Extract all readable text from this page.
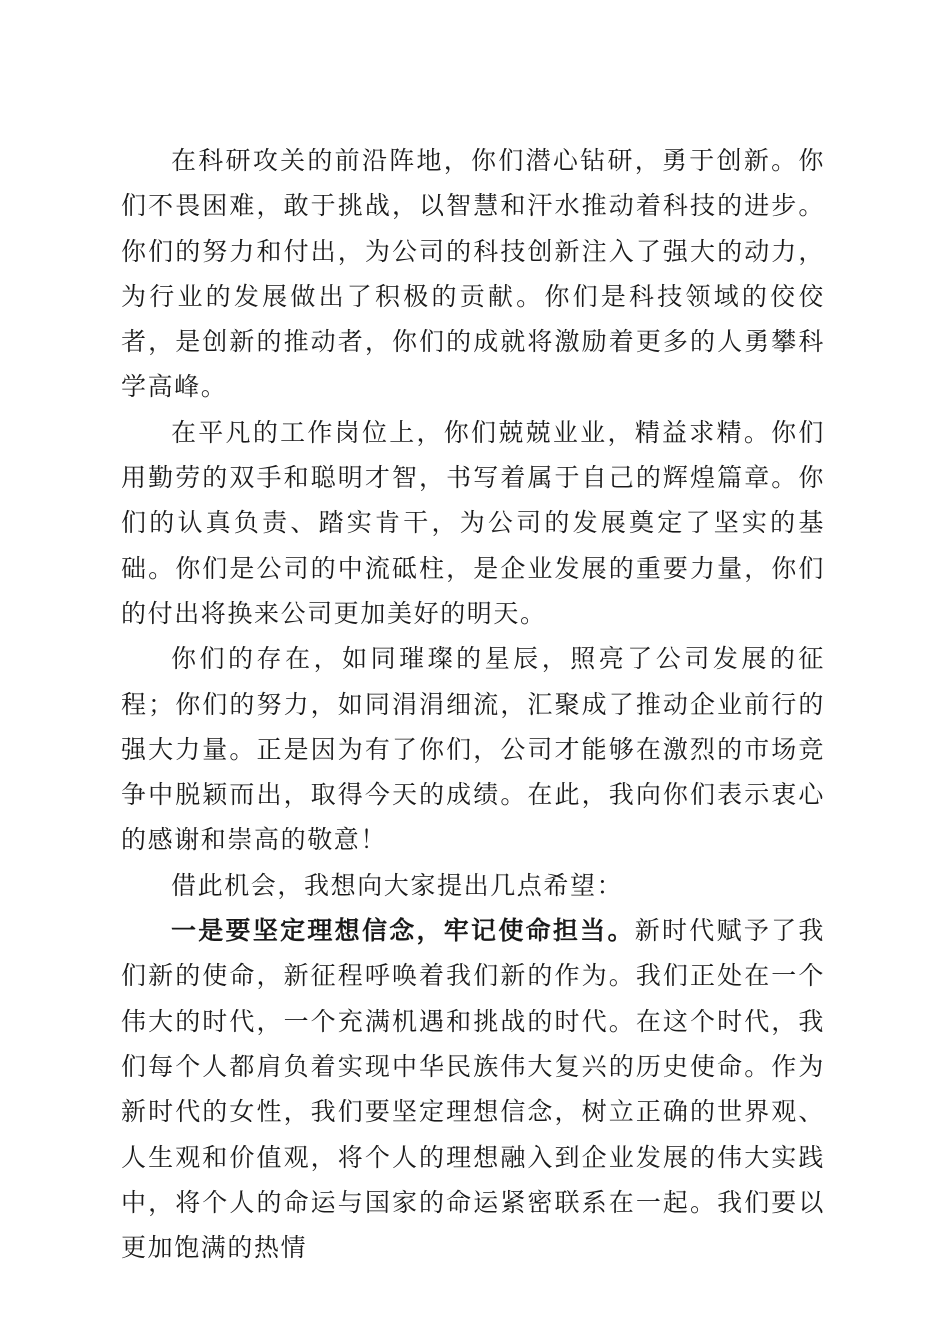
在科研攻关的前沿阵地，你们潜心钻研，勇于创新。你们不畏困难，敢于挑战，以智慧和汗水推动着科技的进步。你们的努力和付出，为公司的科技创新注入了强大的动力，为行业的发展做出了积极的贡献。你们是科技领域的佼佼者，是创新的推动者，你们的成就将激励着更多的人勇攀科学高峰。

在平凡的工作岗位上，你们兢兢业业，精益求精。你们用勤劳的双手和聪明才智，书写着属于自己的辉煌篇章。你们的认真负责、踏实肯干，为公司的发展奠定了坚实的基础。你们是公司的中流砥柱，是企业发展的重要力量，你们的付出将换来公司更加美好的明天。

你们的存在，如同璀璨的星辰，照亮了公司发展的征程；你们的努力，如同涓涓细流，汇聚成了推动企业前行的强大力量。正是因为有了你们，公司才能够在激烈的市场竞争中脱颖而出，取得今天的成绩。在此，我向你们表示衷心的感谢和崇高的敬意！

借此机会，我想向大家提出几点希望：

一是要坚定理想信念，牢记使命担当。新时代赋予了我们新的使命，新征程呼唤着我们新的作为。我们正处在一个伟大的时代，一个充满机遇和挑战的时代。在这个时代，我们每个人都肩负着实现中华民族伟大复兴的历史使命。作为新时代的女性，我们要坚定理想信念，树立正确的世界观、人生观和价值观，将个人的理想融入到企业发展的伟大实践中，将个人的命运与国家的命运紧密联系在一起。我们要以更加饱满的热情
